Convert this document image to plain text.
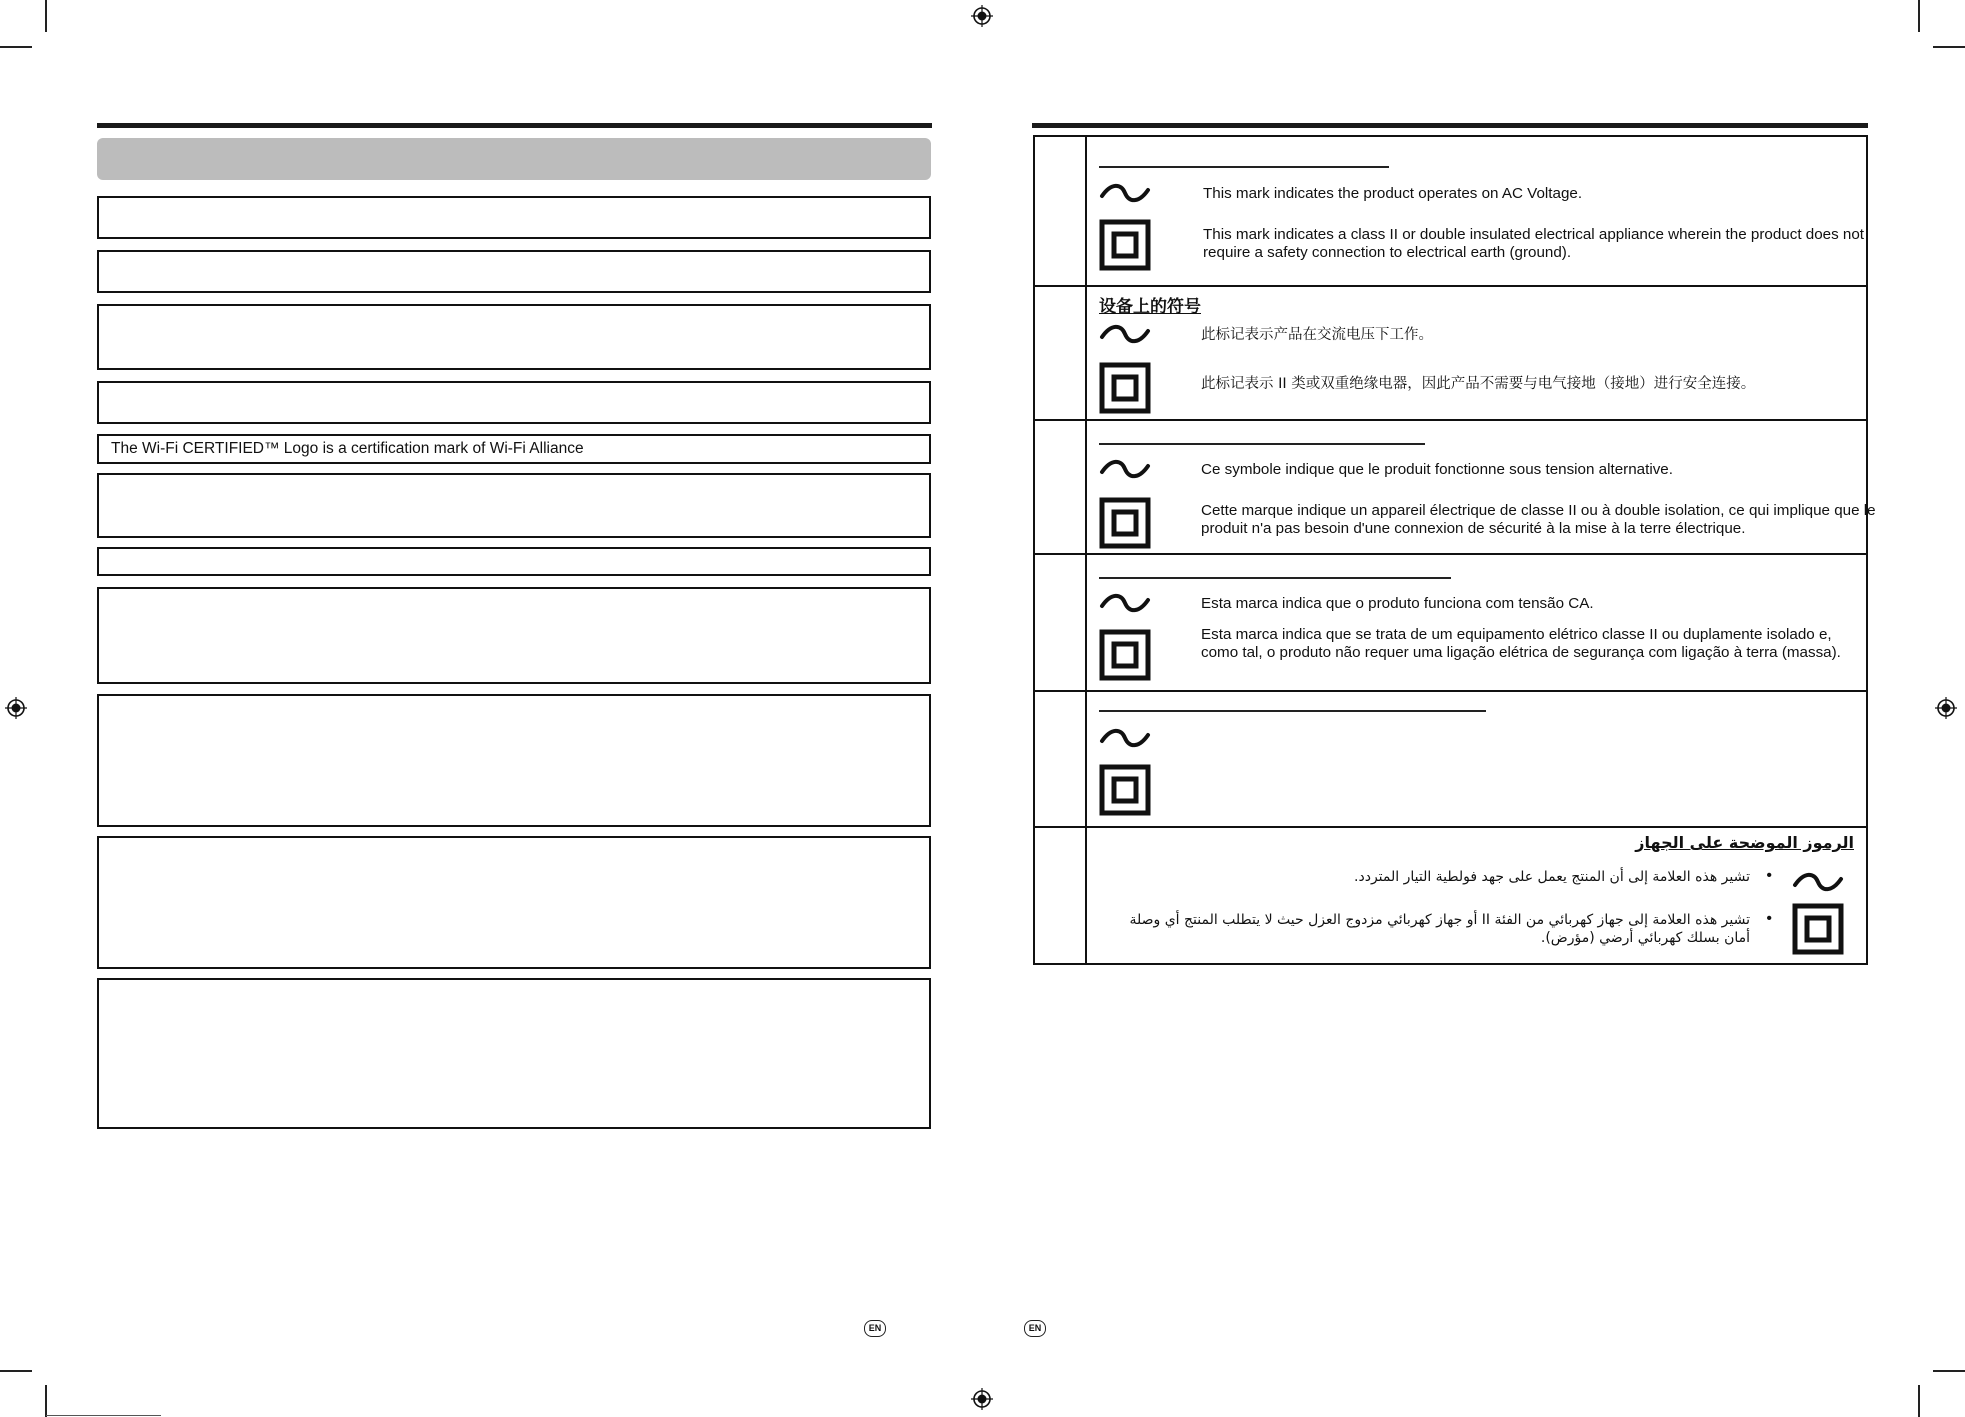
The Wi-Fi CERTIFIED™ Logo is a certification mark of Wi-Fi Alliance
EN
This mark indicates the product operates on AC Voltage.
This mark indicates a class II or double insulated electrical appliance wherein the product does not require a safety connection to electrical earth (ground).
设备上的符号
此标记表示产品在交流电压下工作。
此标记表示 II 类或双重绝缘电器，因此产品不需要与电气接地（接地）进行安全连接。
Ce symbole indique que le produit fonctionne sous tension alternative.
Cette marque indique un appareil électrique de classe II ou à double isolation, ce qui implique que le produit n'a pas besoin d'une connexion de sécurité à la mise à la terre électrique.
Esta marca indica que o produto funciona com tensão CA.
Esta marca indica que se trata de um equipamento elétrico classe II ou duplamente isolado e, como tal, o produto não requer uma ligação elétrica de segurança com ligação à terra (massa).
الرموز الموضحة على الجهاز
•
تشير هذه العلامة إلى أن المنتج يعمل على جهد فولطية التيار المتردد.
•
تشير هذه العلامة إلى جهاز كهربائي من الفئة II أو جهاز كهربائي مزدوج العزل حيث لا يتطلب المنتج أي وصلة أمان بسلك كهربائي أرضي (مؤرض).
EN
